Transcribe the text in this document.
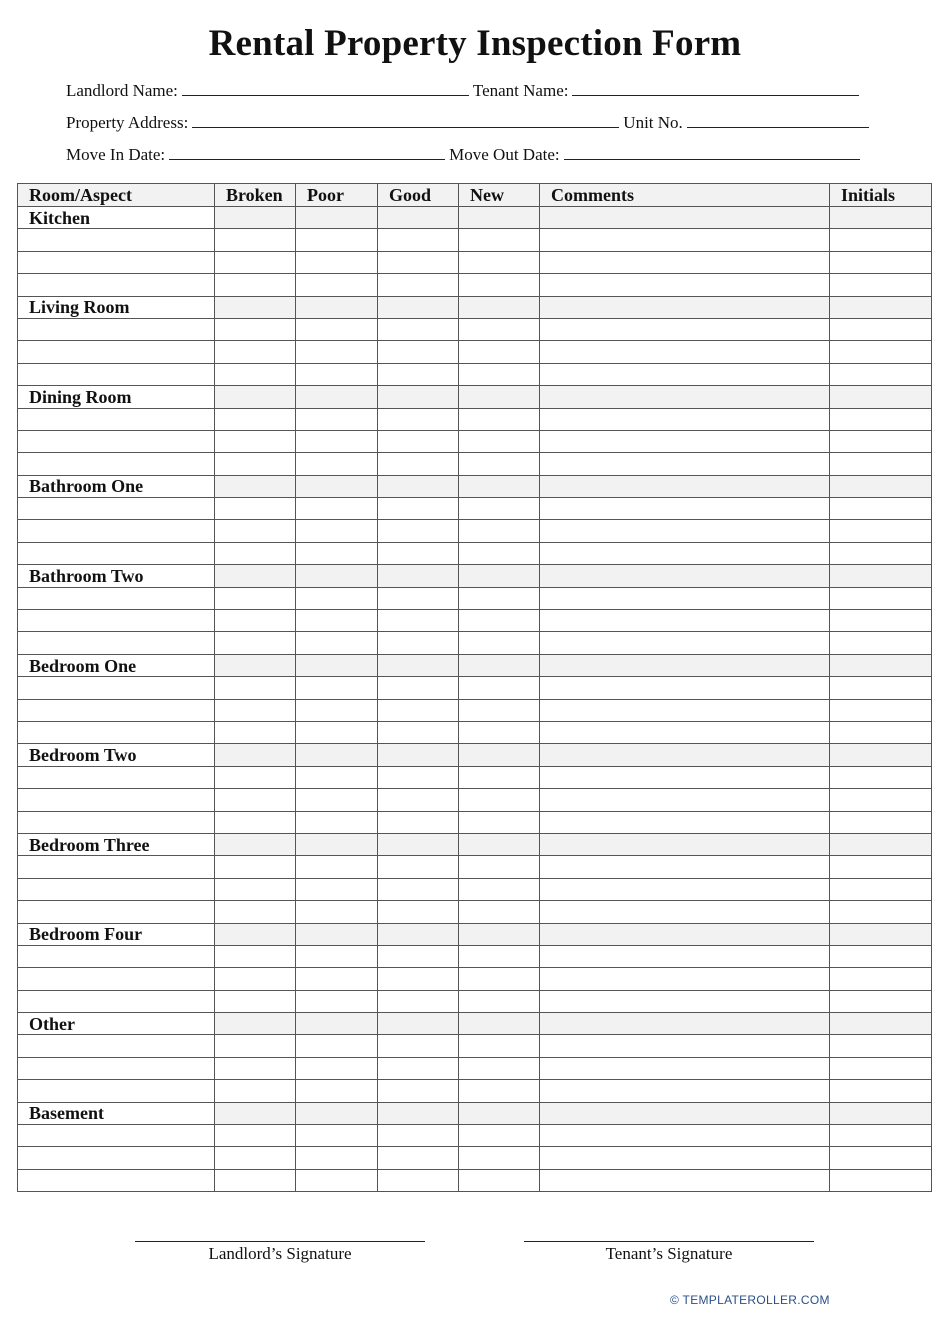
Rental Property Inspection Form
Landlord Name:	Tenant Name:
Property Address:	Unit No.
Move In Date:	Move Out Date:
Room/Aspect	Broken	Poor	Good	New	Comments	Initials
Kitchen						

Living Room						

Dining Room						

Bathroom One						

Bathroom Two						

Bedroom One						

Bedroom Two						

Bedroom Three						

Bedroom Four						

Other						

Basement						

Landlord’s Signature	Tenant’s Signature
© TEMPLATEROLLER.COM
